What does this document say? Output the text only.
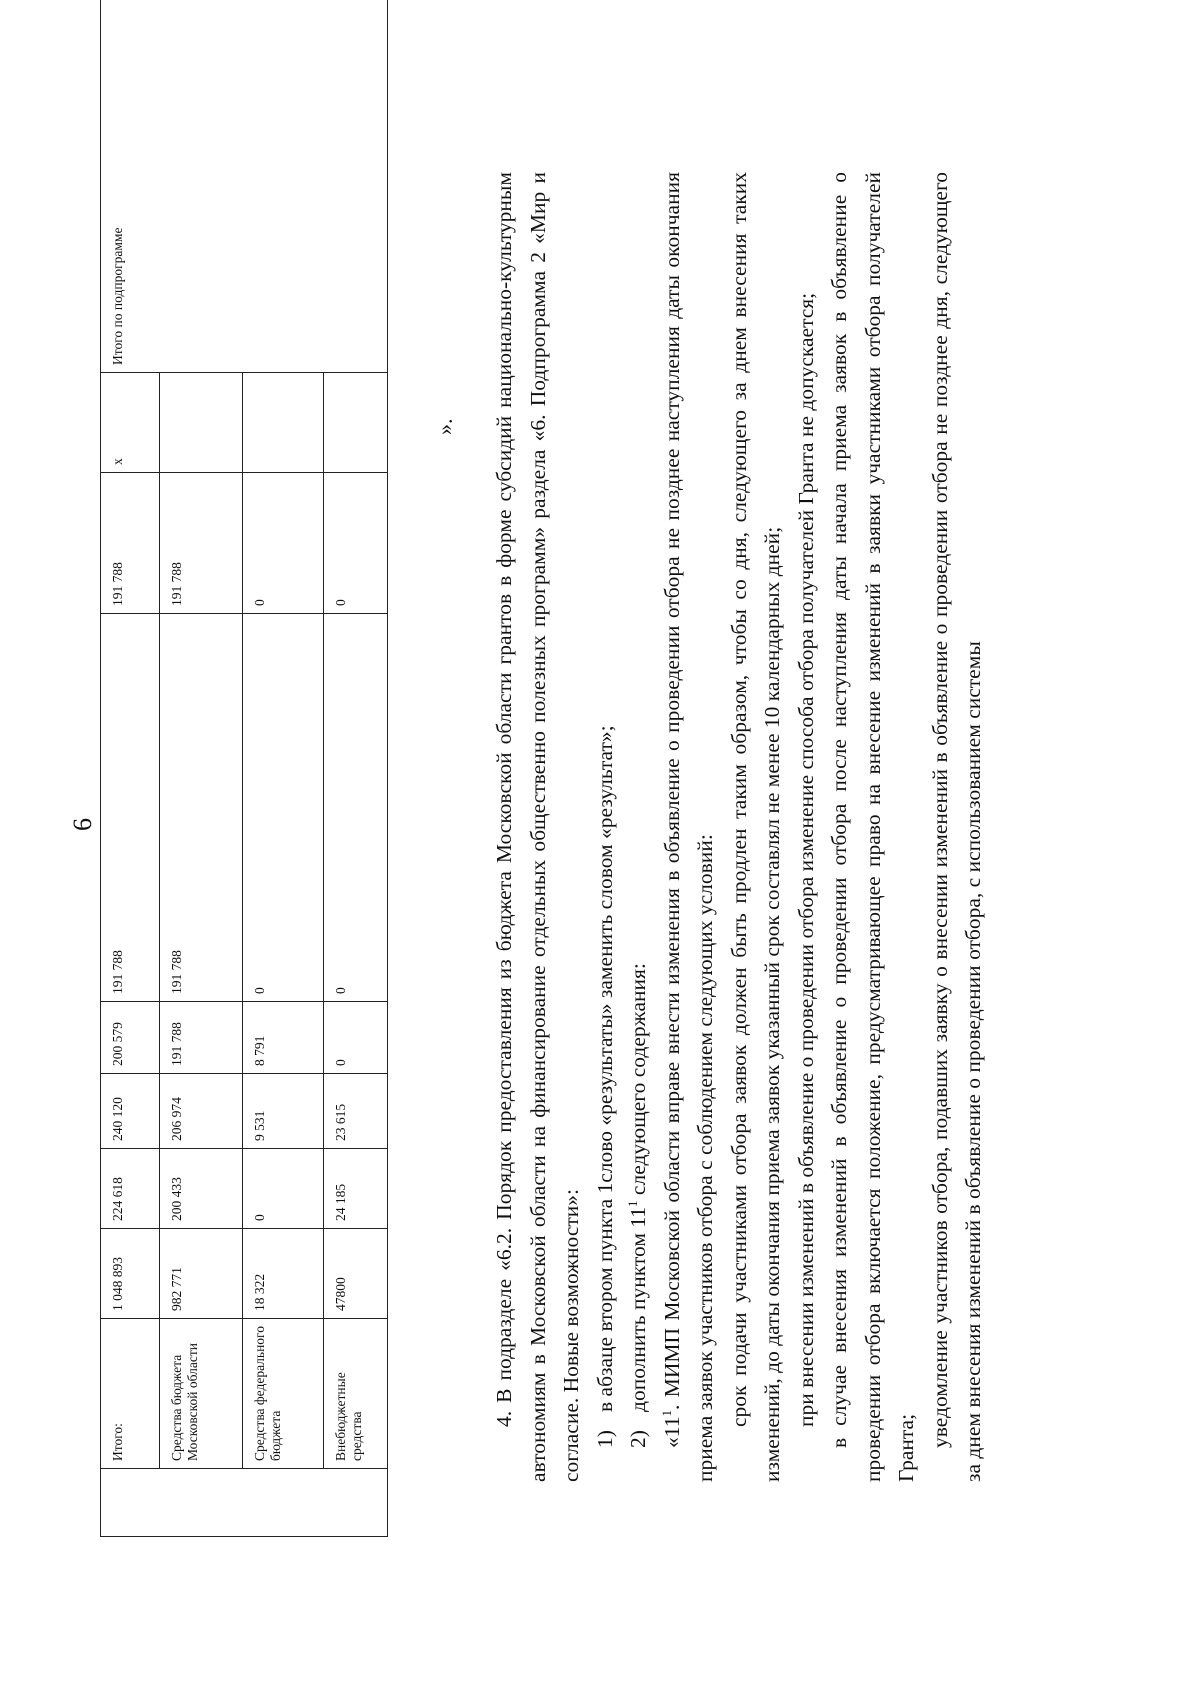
6
	Итого:	1 048 893	224 618	240 120	200 579	191 788	191 788	х	Итого по подпрограмме
	Средства бюджета Московской области	982 771	200 433	206 974	191 788	191 788	191 788		
	Средства федерального бюджета	18 322	0	9 531	8 791	0	0		
	Внебюджетные средства	47800	24 185	23 615	0	0	0		
». 4. В подразделе «6.2. Порядок предоставления из бюджета Московской области грантов в форме субсидий национально-культурным автономиям в Московской области на финансирование отдельных общественно полезных программ» раздела «6. Подпрограмма 2 «Мир и согласие. Новые возможности»: 1)в абзаце втором пункта 1слово «результаты» заменить словом «результат»;

2)дополнить пунктом $11^1$ следующего содержания:

«$11^1$. МИМП Московской области вправе внести изменения в объявление о проведении отбора не позднее наступления даты окончания приема заявок участников отбора с соблюдением следующих условий: срок подачи участниками отбора заявок должен быть продлен таким образом, чтобы со дня, следующего за днем внесения таких изменений, до даты окончания приема заявок указанный срок составлял не менее 10 календарных дней; при внесении изменений в объявление о проведении отбора изменение способа отбора получателей Гранта не допускается; в случае внесения изменений в объявление о проведении отбора после наступления даты начала приема заявок в объявление о проведении отбора включается положение, предусматривающее право на внесение изменений в заявки участниками отбора получателей Гранта; уведомление участников отбора, подавших заявку о внесении изменений в объявление о проведении отбора не позднее дня, следующего за днем внесения изменений в объявление о проведении отбора, с использованием системы
